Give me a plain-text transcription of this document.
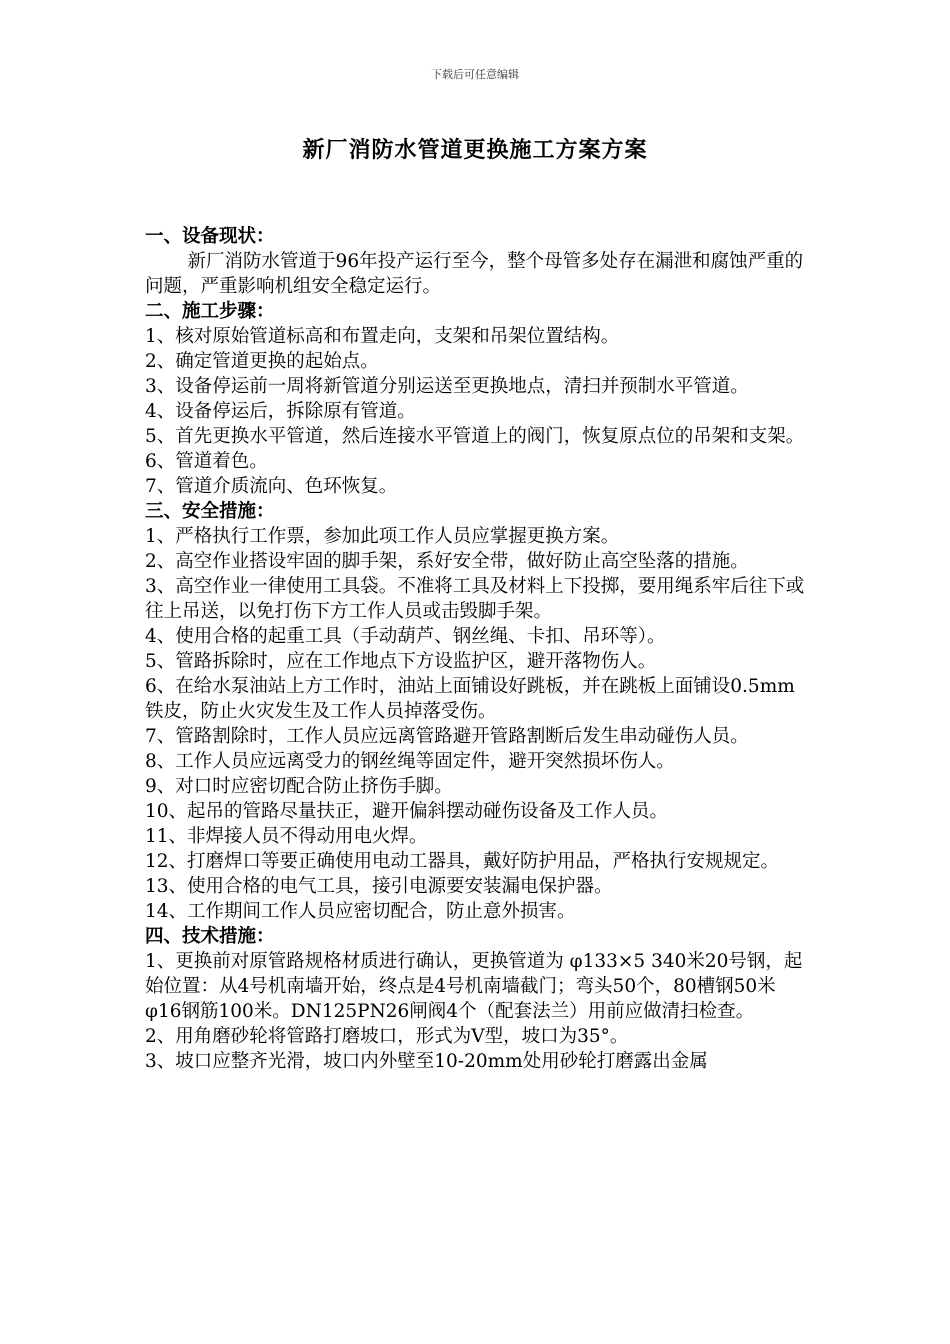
下载后可任意编辑
新厂消防水管道更换施工方案方案

一、设备现状：

新厂消防水管道于96年投产运行至今，整个母管多处存在漏泄和腐蚀严重的问题，严重影响机组安全稳定运行。

二、施工步骤：

1、核对原始管道标高和布置走向，支架和吊架位置结构。

2、确定管道更换的起始点。

3、设备停运前一周将新管道分别运送至更换地点，清扫并预制水平管道。

4、设备停运后，拆除原有管道。

5、首先更换水平管道，然后连接水平管道上的阀门，恢复原点位的吊架和支架。

6、管道着色。

7、管道介质流向、色环恢复。

三、安全措施：

1、严格执行工作票，参加此项工作人员应掌握更换方案。

2、高空作业搭设牢固的脚手架，系好安全带，做好防止高空坠落的措施。

3、高空作业一律使用工具袋。不准将工具及材料上下投掷，要用绳系牢后往下或往上吊送，以免打伤下方工作人员或击毁脚手架。

4、使用合格的起重工具（手动葫芦、钢丝绳、卡扣、吊环等）。

5、管路拆除时，应在工作地点下方设监护区，避开落物伤人。

6、在给水泵油站上方工作时，油站上面铺设好跳板，并在跳板上面铺设0.5mm铁皮，防止火灾发生及工作人员掉落受伤。

7、管路割除时，工作人员应远离管路避开管路割断后发生串动碰伤人员。

8、工作人员应远离受力的钢丝绳等固定件，避开突然损坏伤人。

9、对口时应密切配合防止挤伤手脚。

10、起吊的管路尽量扶正，避开偏斜摆动碰伤设备及工作人员。

11、非焊接人员不得动用电火焊。

12、打磨焊口等要正确使用电动工器具，戴好防护用品，严格执行安规规定。

13、使用合格的电气工具，接引电源要安装漏电保护器。

14、工作期间工作人员应密切配合，防止意外损害。

四、技术措施：

1、更换前对原管路规格材质进行确认，更换管道为 φ133×5 340米20号钢，起始位置：从4号机南墙开始，终点是4号机南墙截门；弯头50个，80槽钢50米 φ16钢筋100米。DN125PN26闸阀4个（配套法兰）用前应做清扫检查。

2、用角磨砂轮将管路打磨坡口，形式为V型，坡口为35°。

3、坡口应整齐光滑，坡口内外壁至10-20mm处用砂轮打磨露出金属
